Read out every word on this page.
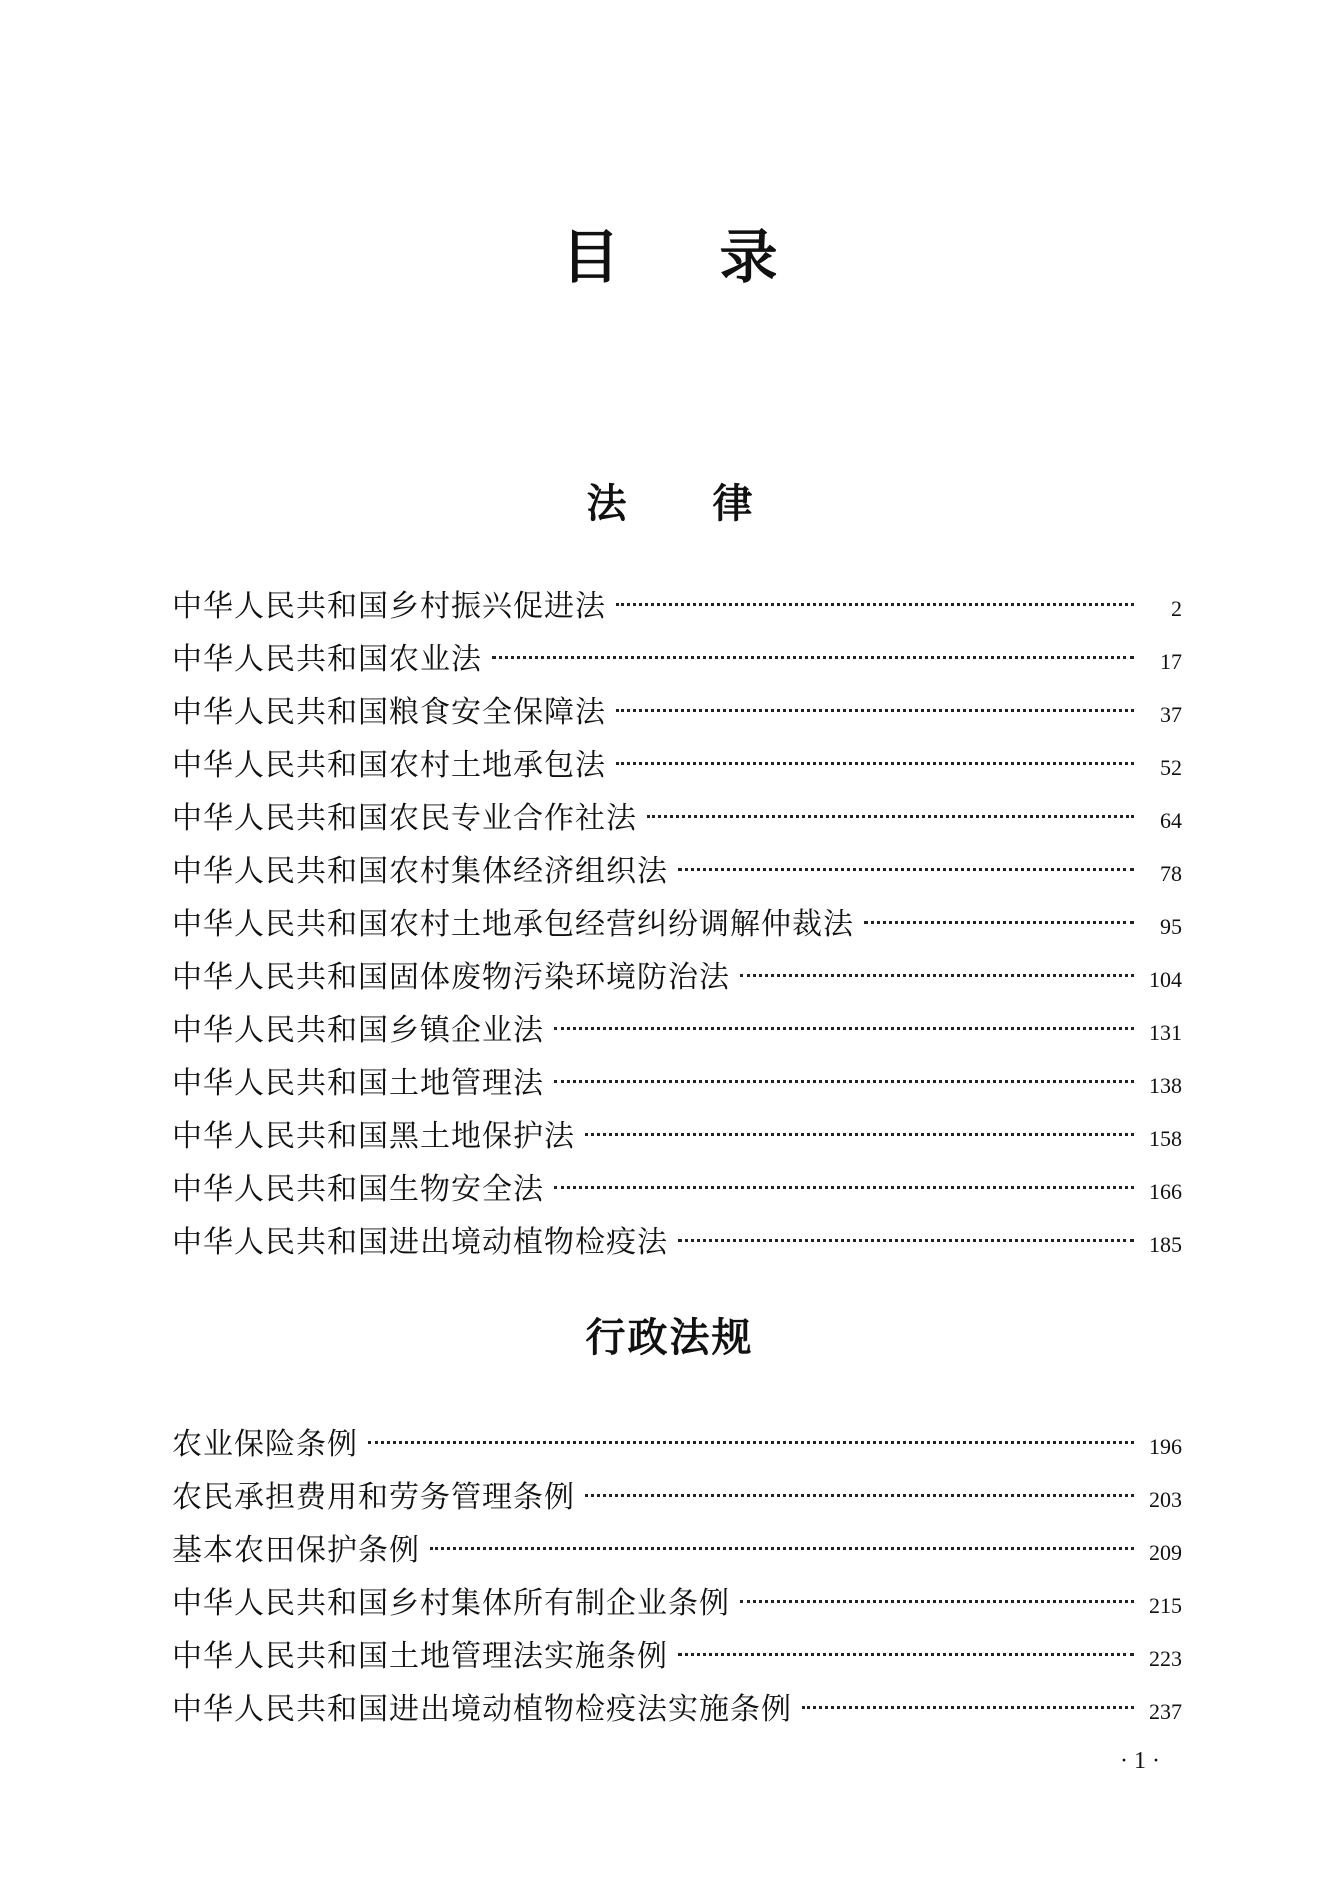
目录
法律
中华人民共和国乡村振兴促进法	2
中华人民共和国农业法	17
中华人民共和国粮食安全保障法	37
中华人民共和国农村土地承包法	52
中华人民共和国农民专业合作社法	64
中华人民共和国农村集体经济组织法	78
中华人民共和国农村土地承包经营纠纷调解仲裁法	95
中华人民共和国固体废物污染环境防治法	104
中华人民共和国乡镇企业法	131
中华人民共和国土地管理法	138
中华人民共和国黑土地保护法	158
中华人民共和国生物安全法	166
中华人民共和国进出境动植物检疫法	185
行政法规
农业保险条例	196
农民承担费用和劳务管理条例	203
基本农田保护条例	209
中华人民共和国乡村集体所有制企业条例	215
中华人民共和国土地管理法实施条例	223
中华人民共和国进出境动植物检疫法实施条例	237
· 1 ·
